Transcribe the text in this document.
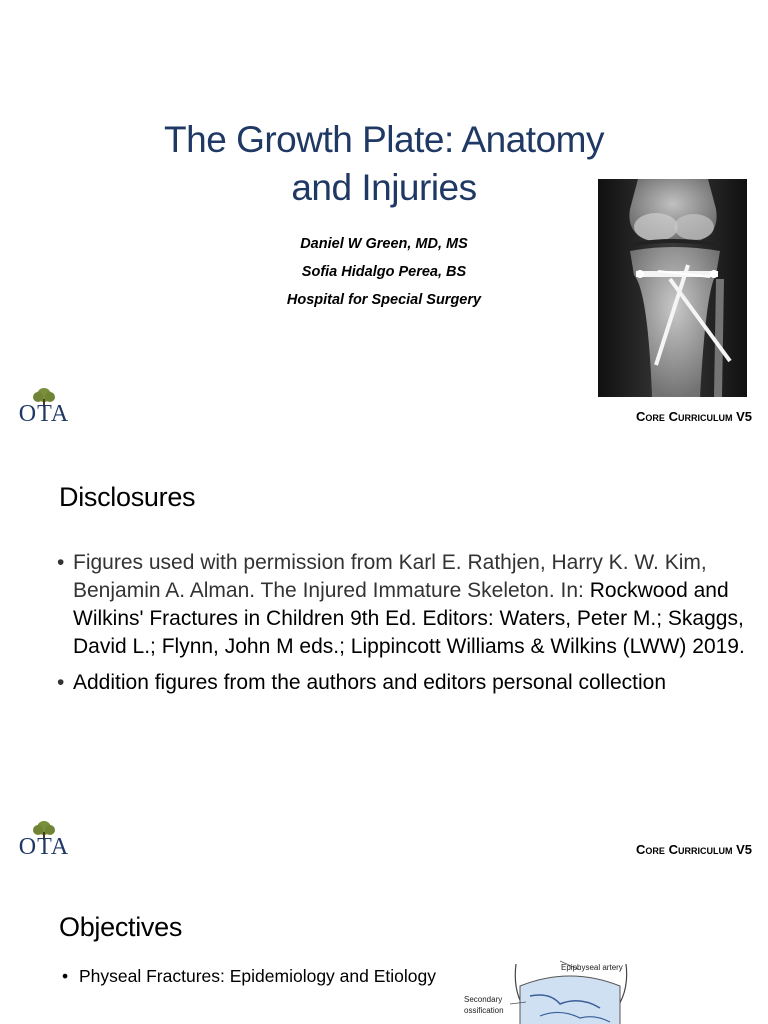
The Growth Plate: Anatomy
and Injuries
Daniel W Green, MD, MS
Sofia Hidalgo Perea, BS
Hospital for Special Surgery
OTA	Core Curriculum V5
Disclosures
• Figures used with permission from Karl E. Rathjen, Harry K. W. Kim, Benjamin A. Alman. The Injured Immature Skeleton. In: Rockwood and Wilkins' Fractures in Children 9th Ed. Editors: Waters, Peter M.; Skaggs, David L.; Flynn, John M eds.; Lippincott Williams & Wilkins (LWW) 2019.
• Addition figures from the authors and editors personal collection
OTA	Core Curriculum V5
Objectives
• Physeal Fractures: Epidemiology and Etiology	Epiphyseal artery
Secondary
ossification
